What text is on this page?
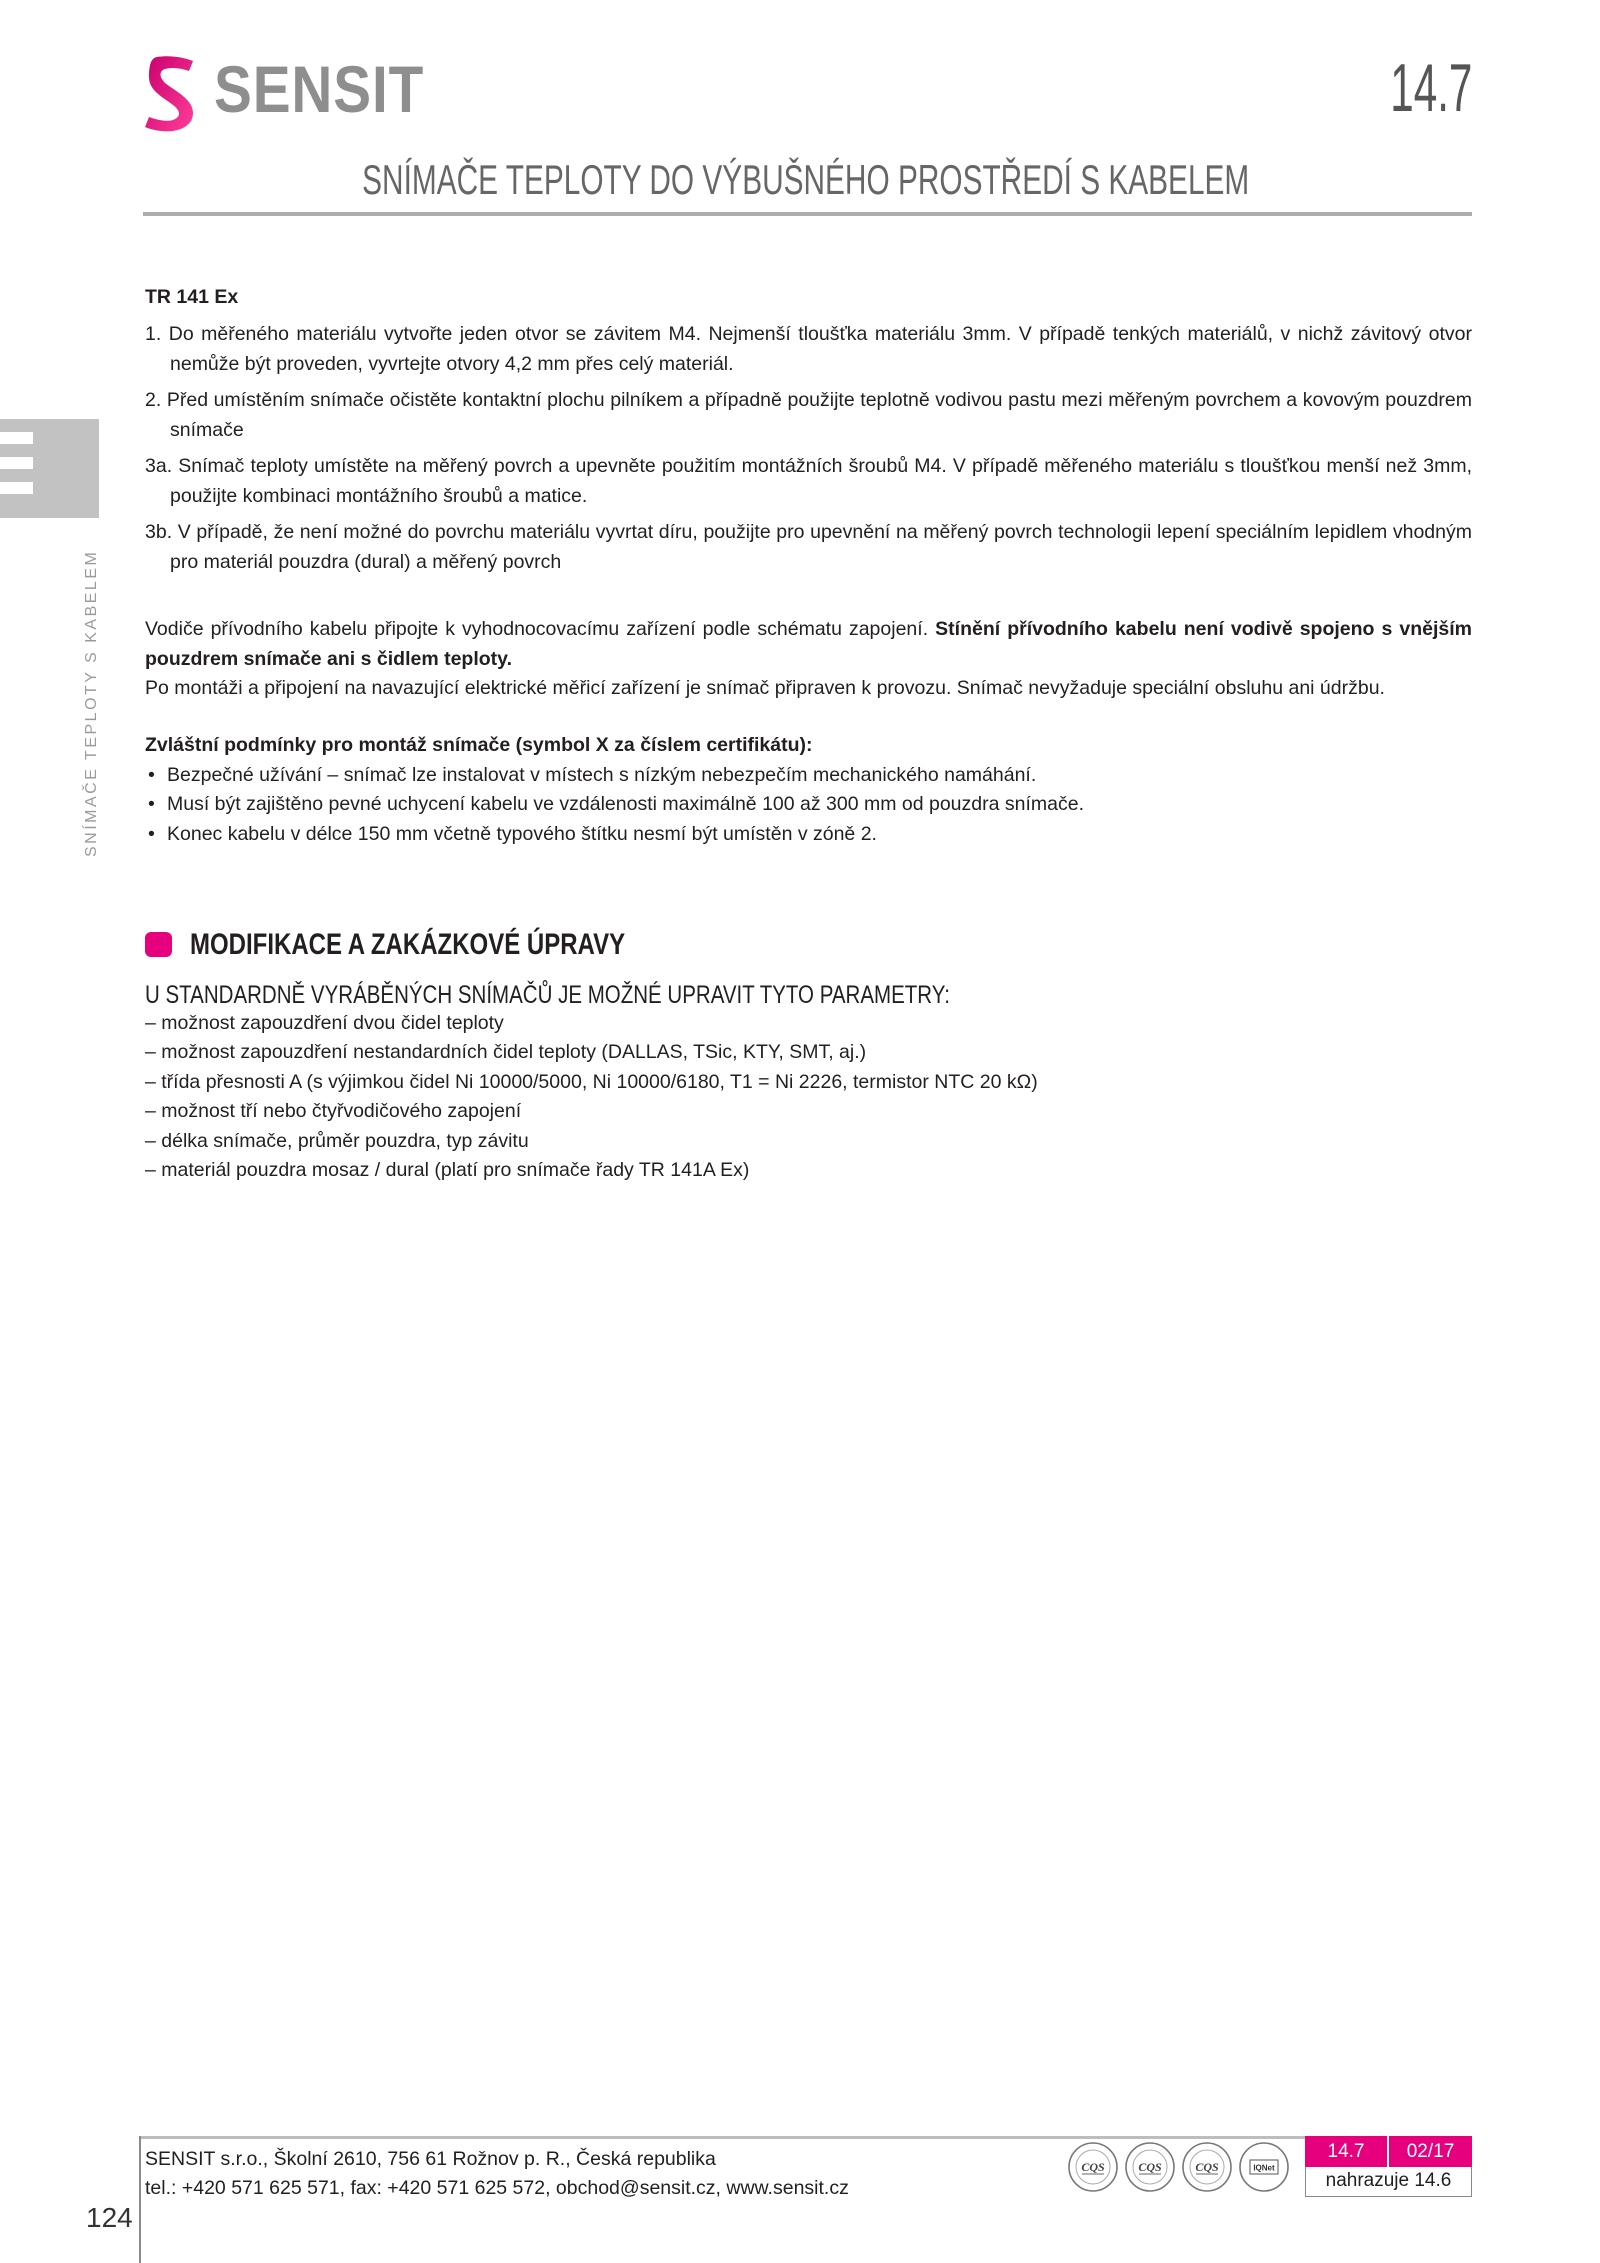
SENSIT	14.7
SNÍMAČE TEPLOTY DO VÝBUŠNÉHO PROSTŘEDÍ S KABELEM
SNÍMAČE TEPLOTY S KABELEM
TR 141 Ex

1. Do měřeného materiálu vytvořte jeden otvor se závitem M4. Nejmenší tloušťka materiálu 3mm. V případě tenkých materiálů, v nichž závitový otvor nemůže být proveden, vyvrtejte otvory 4,2 mm přes celý materiál.

2. Před umístěním snímače očistěte kontaktní plochu pilníkem a případně použijte teplotně vodivou pastu mezi měřeným povrchem a kovovým pouzdrem snímače

3a. Snímač teploty umístěte na měřený povrch a upevněte použitím montážních šroubů M4. V případě měřeného materiálu s tloušťkou menší než 3mm, použijte kombinaci montážního šroubů a matice.

3b. V případě, že není možné do povrchu materiálu vyvrtat díru, použijte pro upevnění na měřený povrch technologii lepení speciálním lepidlem vhodným pro materiál pouzdra (dural) a měřený povrch

Vodiče přívodního kabelu připojte k vyhodnocovacímu zařízení podle schématu zapojení. Stínění přívodního kabelu není vodivě spojeno s vnějším pouzdrem snímače ani s čidlem teploty.

Po montáži a připojení na navazující elektrické měřicí zařízení je snímač připraven k provozu. Snímač nevyžaduje speciální obsluhu ani údržbu.

Zvláštní podmínky pro montáž snímače (symbol X za číslem certifikátu):
• Bezpečné užívání – snímač lze instalovat v místech s nízkým nebezpečím mechanického namáhání.
• Musí být zajištěno pevné uchycení kabelu ve vzdálenosti maximálně 100 až 300 mm od pouzdra snímače.
• Konec kabelu v délce 150 mm včetně typového štítku nesmí být umístěn v zóně 2.
MODIFIKACE A ZAKÁZKOVÉ ÚPRAVY
U STANDARDNĚ VYRÁBĚNÝCH SNÍMAČŮ JE MOŽNÉ UPRAVIT TYTO PARAMETRY:
– možnost zapouzdření dvou čidel teploty
– možnost zapouzdření nestandardních čidel teploty (DALLAS, TSic, KTY, SMT, aj.)
– třída přesnosti A (s výjimkou čidel Ni 10000/5000, Ni 10000/6180, T1 = Ni 2226, termistor NTC 20 kΩ)
– možnost tří nebo čtyřvodičového zapojení
– délka snímače, průměr pouzdra, typ závitu
– materiál pouzdra mosaz / dural (platí pro snímače řady TR 141A Ex)
SENSIT s.r.o., Školní 2610, 756 61 Rožnov p. R., Česká republika
tel.: +420 571 625 571, fax: +420 571 625 572, obchod@sensit.cz, www.sensit.cz
124
CQS	CQS	CQS	IQNet
14.7	02/17
nahrazuje 14.6
